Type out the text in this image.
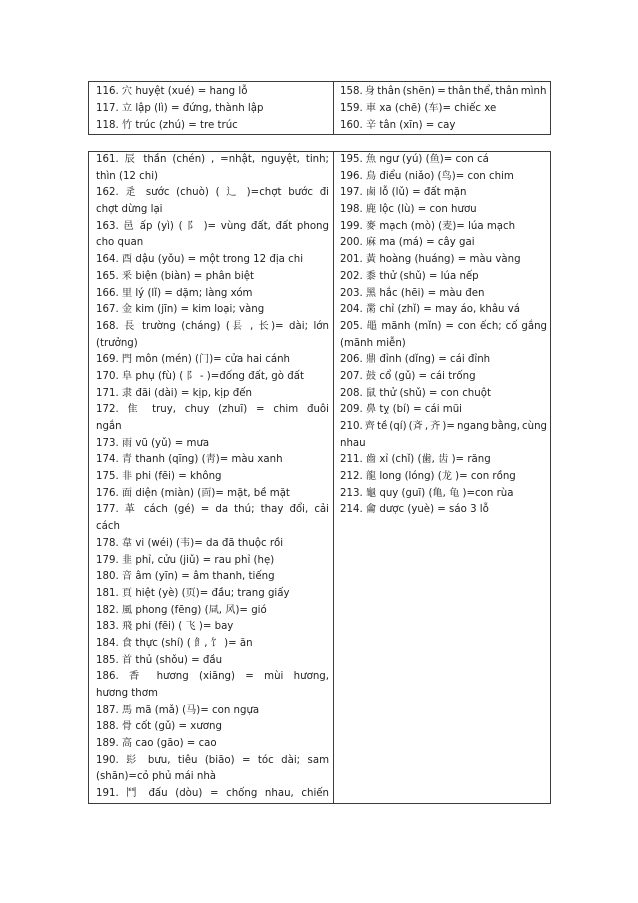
116. 穴 huyệt (xué) = hang lỗ
117. 立 lập (lì) = đứng, thành lập
118. 竹 trúc (zhú) = tre trúc
158. 身 thân (shēn) = thân thể, thân mình
159. 車 xa (chē) (车)= chiếc xe
160. 辛 tân (xīn) = cay
161. 辰 thần (chén) , =nhật, nguyệt, tinh;
thìn (12 chi)
162. 辵 sước (chuò) ( 辶 )=chợt bước đi
chợt dừng lại
163. 邑 ấp (yì) ( 阝 )= vùng đất, đất phong
cho quan
164. 酉 dậu (yǒu) = một trong 12 địa chi
165. 釆 biện (biàn) = phân biệt
166. 里 lý (lǐ) = dặm; làng xóm
167. 金 kim (jīn) = kim loại; vàng
168. 長 trường (cháng) (镸 , 长)= dài; lớn
(trưởng)
169. 門 môn (mén) (门)= cửa hai cánh
170. 阜 phụ (fù) ( 阝 - )=đống đất, gò đất
171. 隶 đãi (dài) = kịp, kịp đến
172. 隹 truy, chuy (zhuī) = chim đuôi
ngắn
173. 雨 vũ (yǔ) = mưa
174. 青 thanh (qīng) (靑)= màu xanh
175. 非 phi (fēi) = không
176. 面 diện (miàn) (靣)= mặt, bề mặt
177. 革 cách (gé) = da thú; thay đổi, cải
cách
178. 韋 vi (wéi) (韦)= da đã thuộc rồi
179. 韭 phỉ, cửu (jiǔ) = rau phỉ (hẹ)
180. 音 âm (yīn) = âm thanh, tiếng
181. 頁 hiệt (yè) (页)= đầu; trang giấy
182. 風 phong (fēng) (凬, 风)= gió
183. 飛 phi (fēi) ( 飞 )= bay
184. 食 thực (shí) ( 飠, 饣 )= ăn
185. 首 thủ (shǒu) = đầu
186. 香 hương (xiāng) = mùi hương,
hương thơm
187. 馬 mã (mǎ) (马)= con ngựa
188. 骨 cốt (gǔ) = xương
189. 高 cao (gāo) = cao
190. 髟 bưu, tiêu (biāo) = tóc dài; sam
(shān)=cỏ phủ mái nhà
191. 鬥 đấu (dòu) = chống nhau, chiến
195. 魚 ngư (yú) (鱼)= con cá
196. 鳥 điểu (niǎo) (鸟)= con chim
197. 鹵 lỗ (lǔ) = đất mặn
198. 鹿 lộc (lù) = con hươu
199. 麥 mạch (mò) (麦)= lúa mạch
200. 麻 ma (má) = cây gai
201. 黃 hoàng (huáng) = màu vàng
202. 黍 thử (shǔ) = lúa nếp
203. 黑 hắc (hēi) = màu đen
204. 黹 chỉ (zhǐ) = may áo, khâu vá
205. 黽 mãnh (mǐn) = con ếch; cố gắng
(mãnh miễn)
206. 鼎 đỉnh (dǐng) = cái đỉnh
207. 鼓 cổ (gǔ) = cái trống
208. 鼠 thử (shǔ) = con chuột
209. 鼻 tỵ (bí) = cái mũi
210. 齊 tề (qí) (斉 , 齐 )= ngang bằng, cùng
nhau
211. 齒 xỉ (chǐ) (歯, 齿 )= răng
212. 龍 long (lóng) (龙 )= con rồng
213. 龜 quy (guī) (亀, 龟 )=con rùa
214. 龠 dược (yuè) = sáo 3 lỗ
